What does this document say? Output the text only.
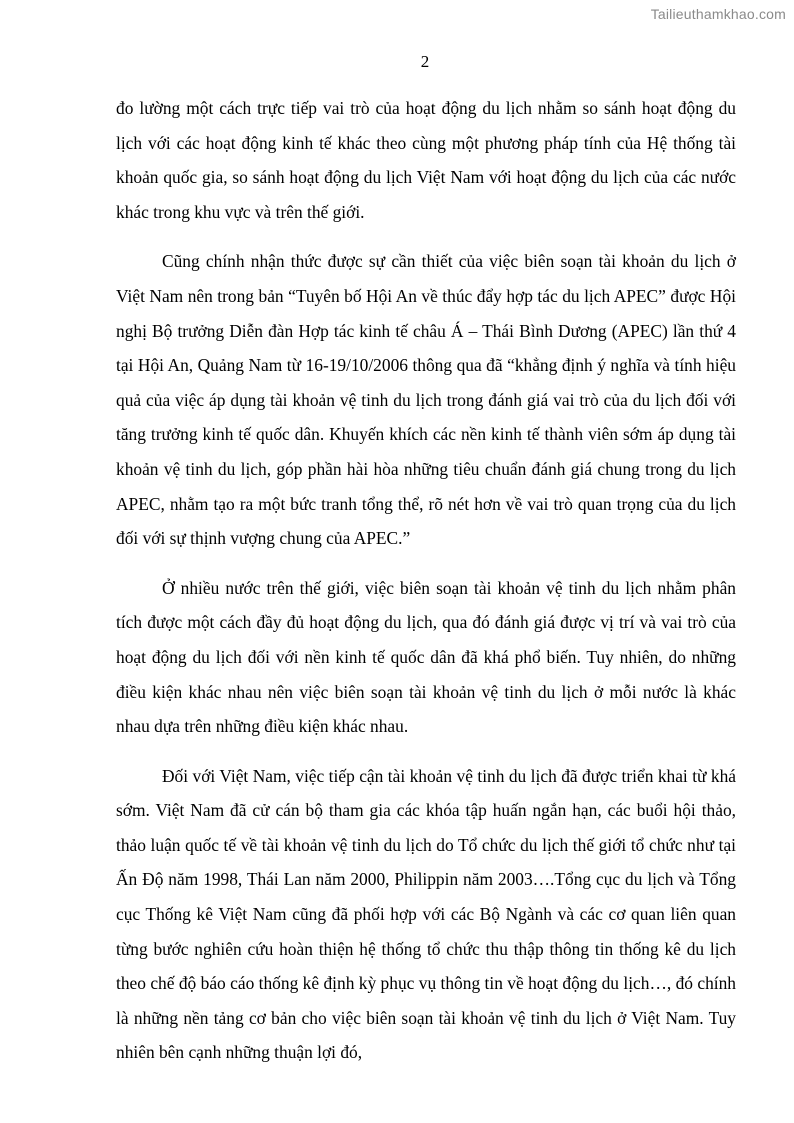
Tailieuthamkhao.com
2

đo lường một cách trực tiếp vai trò của hoạt động du lịch nhằm so sánh hoạt động du lịch với các hoạt động kinh tế khác theo cùng một phương pháp tính của Hệ thống tài khoản quốc gia, so sánh hoạt động du lịch Việt Nam với hoạt động du lịch của các nước khác trong khu vực và trên thế giới.

Cũng chính nhận thức được sự cần thiết của việc biên soạn tài khoản du lịch ở Việt Nam nên trong bản “Tuyên bố Hội An về thúc đẩy hợp tác du lịch APEC” được Hội nghị Bộ trưởng Diễn đàn Hợp tác kinh tế châu Á – Thái Bình Dương (APEC) lần thứ 4 tại Hội An, Quảng Nam từ 16-19/10/2006 thông qua đã “khẳng định ý nghĩa và tính hiệu quả của việc áp dụng tài khoản vệ tinh du lịch trong đánh giá vai trò của du lịch đối với tăng trưởng kinh tế quốc dân. Khuyến khích các nền kinh tế thành viên sớm áp dụng tài khoản vệ tinh du lịch, góp phần hài hòa những tiêu chuẩn đánh giá chung trong du lịch APEC, nhằm tạo ra một bức tranh tổng thể, rõ nét hơn về vai trò quan trọng của du lịch đối với sự thịnh vượng chung của APEC.”

Ở nhiều nước trên thế giới, việc biên soạn tài khoản vệ tinh du lịch nhằm phân tích được một cách đầy đủ hoạt động du lịch, qua đó đánh giá được vị trí và vai trò của hoạt động du lịch đối với nền kinh tế quốc dân đã khá phổ biến. Tuy nhiên, do những điều kiện khác nhau nên việc biên soạn tài khoản vệ tinh du lịch ở mỗi nước là khác nhau dựa trên những điều kiện khác nhau.

Đối với Việt Nam, việc tiếp cận tài khoản vệ tinh du lịch đã được triển khai từ khá sớm. Việt Nam đã cử cán bộ tham gia các khóa tập huấn ngắn hạn, các buổi hội thảo, thảo luận quốc tế về tài khoản vệ tinh du lịch do Tổ chức du lịch thế giới tổ chức như tại Ấn Độ năm 1998, Thái Lan năm 2000, Philippin năm 2003….Tổng cục du lịch và Tổng cục Thống kê Việt Nam cũng đã phối hợp với các Bộ Ngành và các cơ quan liên quan từng bước nghiên cứu hoàn thiện hệ thống tổ chức thu thập thông tin thống kê du lịch theo chế độ báo cáo thống kê định kỳ phục vụ thông tin về hoạt động du lịch…, đó chính là những nền tảng cơ bản cho việc biên soạn tài khoản vệ tinh du lịch ở Việt Nam. Tuy nhiên bên cạnh những thuận lợi đó,
